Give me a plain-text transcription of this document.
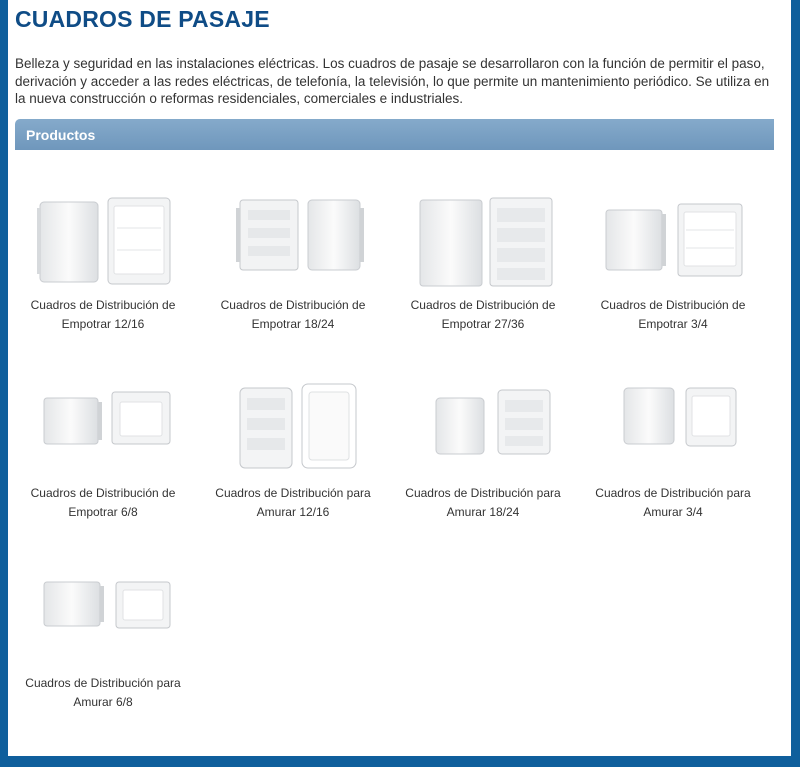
CUADROS DE PASAJE

Belleza y seguridad en las instalaciones eléctricas. Los cuadros de pasaje se desarrollaron con la función de permitir el paso, derivación y acceder a las redes eléctricas, de telefonía, la televisión, lo que permite un mantenimiento periódico. Se utiliza en la nueva construcción o reformas residenciales, comerciales e industriales.

Productos
Cuadros de Distribución de
Empotrar 12/16
Cuadros de Distribución de
Empotrar 18/24
Cuadros de Distribución de
Empotrar 27/36
Cuadros de Distribución de
Empotrar 3/4
Cuadros de Distribución de
Empotrar 6/8
Cuadros de Distribución para
Amurar 12/16
Cuadros de Distribución para
Amurar 18/24
Cuadros de Distribución para
Amurar 3/4
Cuadros de Distribución para
Amurar 6/8
